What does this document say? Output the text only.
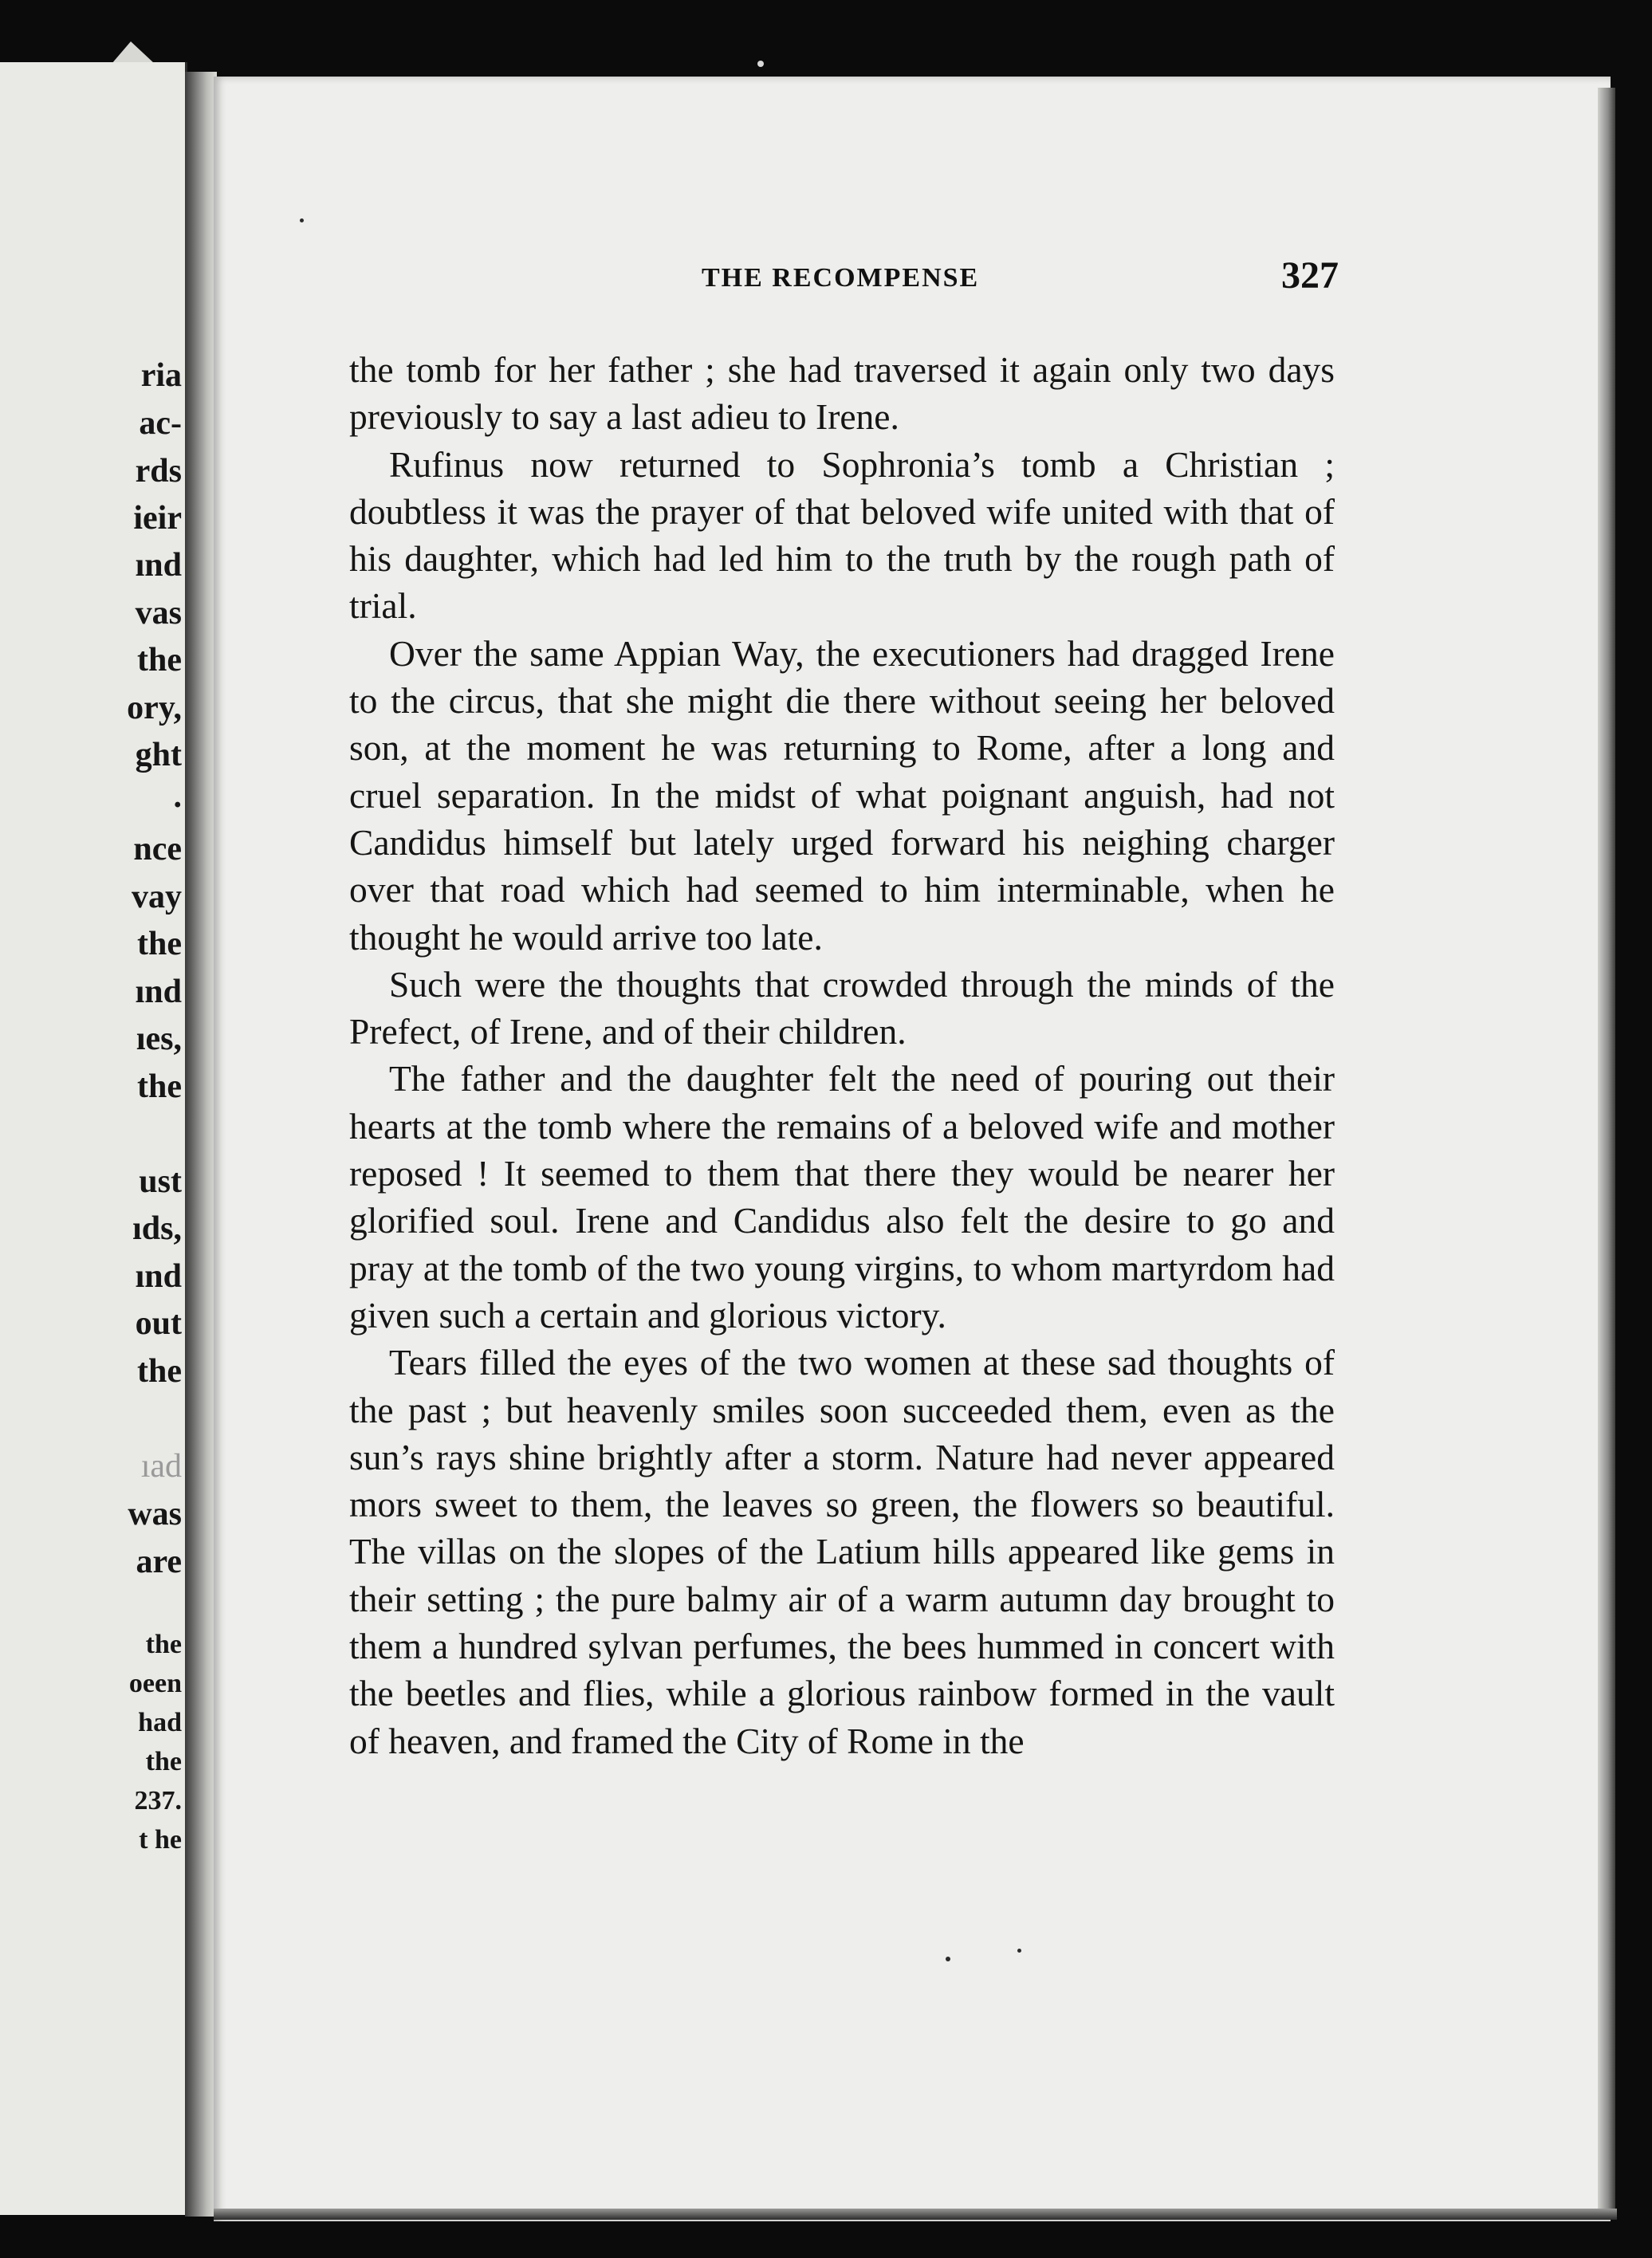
ria
ac-
rds
ieir
ınd
vas
the
ory,
ght
.
nce
vay
the
ınd
ıes,
the
ust
ıds,
ınd
out
the
ıad
was
are
the
oeen
had
the
237.
t he
THE RECOMPENSE	327

the tomb for her father ; she had traversed it again only two days previously to say a last adieu to Irene.

Rufinus now returned to Sophronia’s tomb a Christian ; doubtless it was the prayer of that beloved wife united with that of his daughter, which had led him to the truth by the rough path of trial.

Over the same Appian Way, the executioners had dragged Irene to the circus, that she might die there without seeing her beloved son, at the moment he was returning to Rome, after a long and cruel separation. In the midst of what poignant anguish, had not Candidus himself but lately urged forward his neighing charger over that road which had seemed to him interminable, when he thought he would arrive too late.

Such were the thoughts that crowded through the minds of the Prefect, of Irene, and of their children.

The father and the daughter felt the need of pouring out their hearts at the tomb where the remains of a beloved wife and mother reposed ! It seemed to them that there they would be nearer her glorified soul. Irene and Candidus also felt the desire to go and pray at the tomb of the two young virgins, to whom martyrdom had given such a certain and glorious victory.

Tears filled the eyes of the two women at these sad thoughts of the past ; but heavenly smiles soon succeeded them, even as the sun’s rays shine brightly after a storm. Nature had never appeared mors sweet to them, the leaves so green, the flowers so beautiful. The villas on the slopes of the Latium hills appeared like gems in their setting ; the pure balmy air of a warm autumn day brought to them a hundred sylvan perfumes, the bees hummed in concert with the beetles and flies, while a glorious rainbow formed in the vault of heaven, and framed the City of Rome in the
